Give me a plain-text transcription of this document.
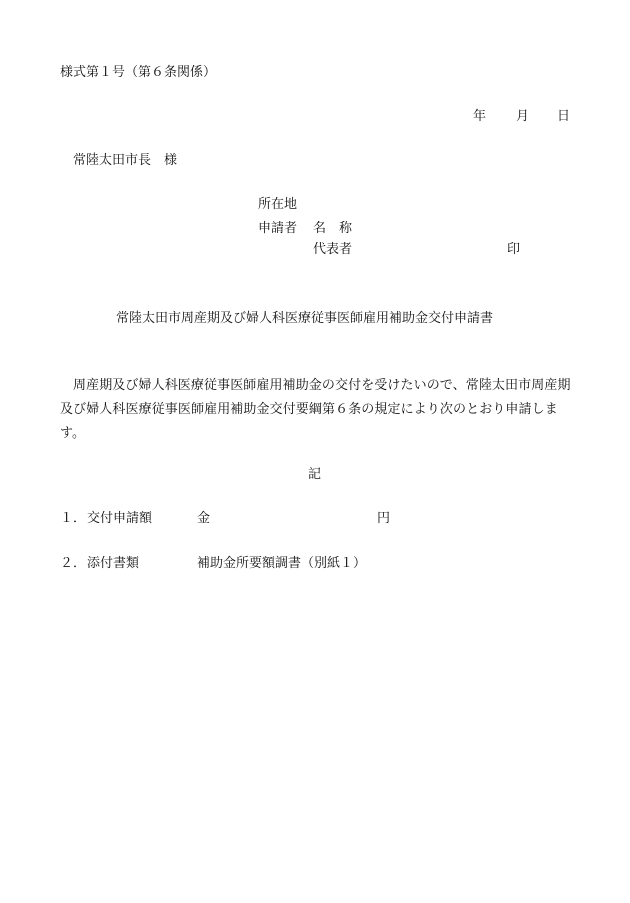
様式第１号（第６条関係）
年 月 日
常陸太田市長　様
所在地
申請者 名　称
代表者	印
常陸太田市周産期及び婦人科医療従事医師雇用補助金交付申請書
周産期及び婦人科医療従事医師雇用補助金の交付を受けたいので、常陸太田市周産期及び婦人科医療従事医師雇用補助金交付要綱第６条の規定により次のとおり申請します。
記
１． 交付申請額	金	円
２． 添付書類	補助金所要額調書（別紙１）
